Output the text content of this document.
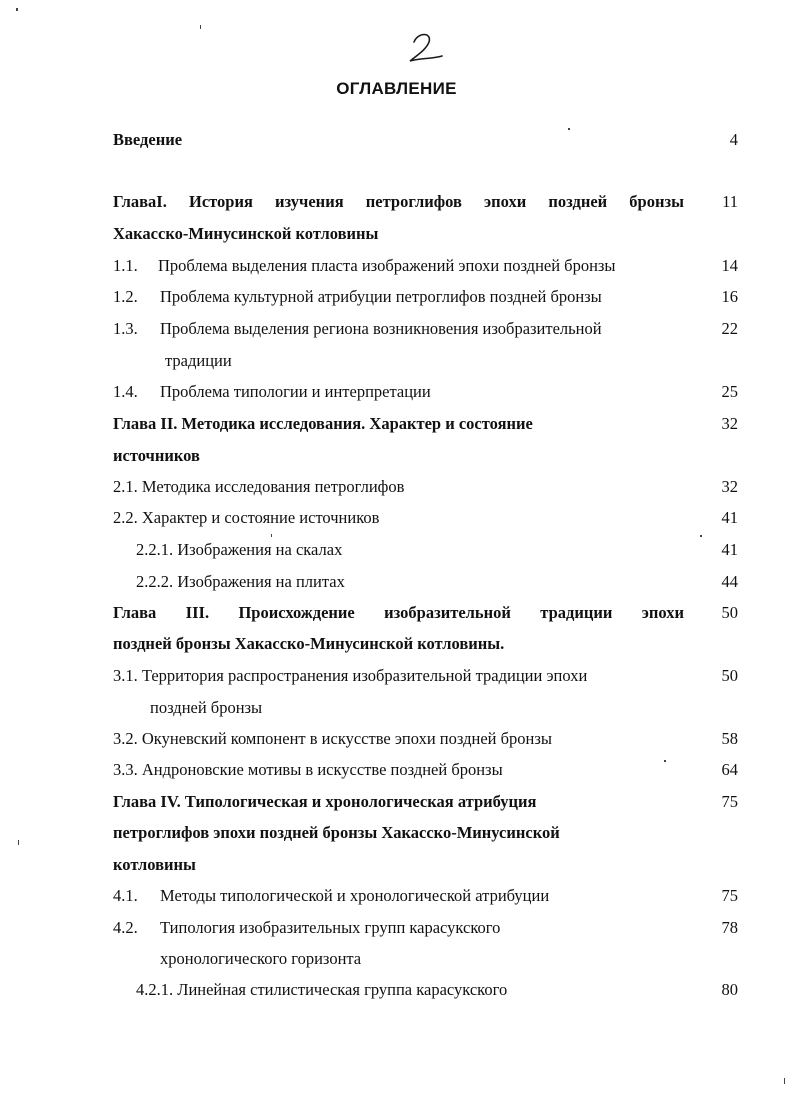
ОГЛАВЛЕНИЕ
Введение	4
ГлаваI. История изучения петроглифов эпохи поздней бронзы 11
Хакасско-Минусинской котловины
1.1. Проблема выделения пласта изображений эпохи поздней бронзы	14
1.2. Проблема культурной атрибуции петроглифов поздней бронзы	16
1.3. Проблема выделения региона возникновения изобразительной	22
традиции
1.4. Проблема типологии и интерпретации	25
Глава II. Методика исследования. Характер и состояние	32
источников
2.1. Методика исследования петроглифов	32
2.2. Характер и состояние источников	41
2.2.1. Изображения на скалах	41
2.2.2. Изображения на плитах	44
Глава III. Происхождение изобразительной традиции эпохи 50
поздней бронзы Хакасско-Минусинской котловины.
3.1. Территория распространения изобразительной традиции эпохи	50
поздней бронзы
3.2. Окуневский компонент в искусстве эпохи поздней бронзы	58
3.3. Андроновские мотивы в искусстве поздней бронзы	64
Глава IV. Типологическая и хронологическая атрибуция	75
петроглифов эпохи поздней бронзы Хакасско-Минусинской
котловины
4.1. Методы типологической и хронологической атрибуции	75
4.2. Типология изобразительных групп карасукского	78
хронологического горизонта
4.2.1. Линейная стилистическая группа карасукского	80
